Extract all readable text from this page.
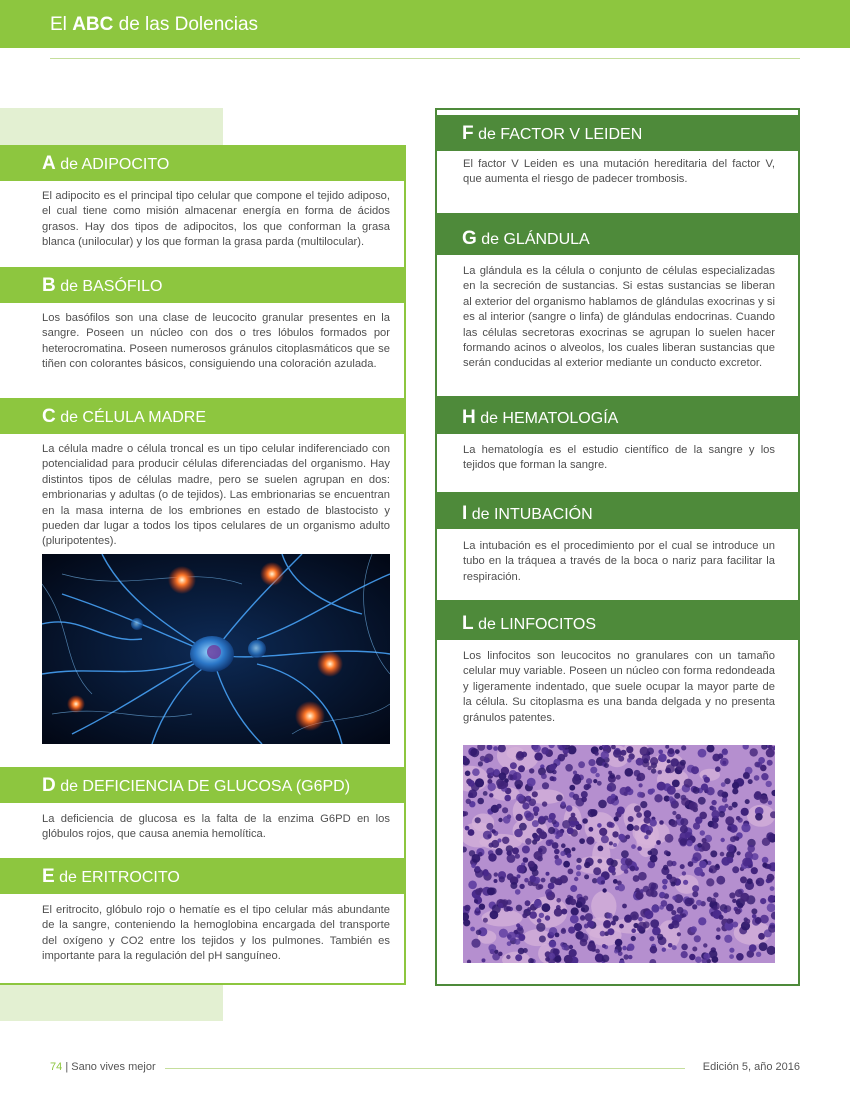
El ABC de las Dolencias
A de ADIPOCITO
El adipocito es el principal tipo celular que compone el tejido adiposo, el cual tiene como misión almacenar energía en forma de ácidos grasos. Hay dos tipos de adipocitos, los que conforman la grasa blanca (unilocular) y los que forman la grasa parda (multilocular).
B de BASÓFILO
Los basófilos son una clase de leucocito granular presentes en la sangre. Poseen un núcleo con dos o tres lóbulos formados por heterocromatina. Poseen numerosos gránulos citoplasmáticos que se tiñen con colorantes básicos, consiguiendo una coloración azulada.
C de CÉLULA MADRE
La célula madre o célula troncal es un tipo celular indiferenciado con potencialidad para producir células diferenciadas del organismo. Hay distintos tipos de células madre, pero se suelen agrupan en dos: embrionarias y adultas (o de tejidos). Las embrionarias se encuentran en la masa interna de los embriones en estado de blastocisto y pueden dar lugar a todos los tipos celulares de un organismo adulto (pluripotentes).
D de DEFICIENCIA DE GLUCOSA (G6PD)
La deficiencia de glucosa es la falta de la enzima G6PD en los glóbulos rojos, que causa anemia hemolítica.
E de ERITROCITO
El eritrocito, glóbulo rojo o hematíe es el tipo celular más abundante de la sangre, conteniendo la hemoglobina encargada del transporte del oxígeno y CO2 entre los tejidos y los pulmones. También es importante para la regulación del pH sanguíneo.
F de FACTOR V LEIDEN
El factor V Leiden es una mutación hereditaria del factor V, que aumenta el riesgo de padecer trombosis.
G de GLÁNDULA
La glándula es la célula o conjunto de células especializadas en la secreción de sustancias. Si estas sustancias se liberan al exterior del organismo hablamos de glándulas exocrinas y si es al interior (sangre o linfa) de glándulas endocrinas. Cuando las células secretoras exocrinas se agrupan lo suelen hacer formando acinos o alveolos, los cuales liberan sustancias que serán conducidas al exterior mediante un conducto excretor.
H de HEMATOLOGÍA
La hematología es el estudio científico de la sangre y los tejidos que forman la sangre.
I de INTUBACIÓN
La intubación es el procedimiento por el cual se introduce un tubo en la tráquea a través de la boca o nariz para facilitar la respiración.
L de LINFOCITOS
Los linfocitos son leucocitos no granulares con un tamaño celular muy variable. Poseen un núcleo con forma redondeada y ligeramente indentado, que suele ocupar la mayor parte de la célula. Su citoplasma es una banda delgada y no presenta gránulos patentes.
74 | Sano vives mejor	Edición 5, año 2016
